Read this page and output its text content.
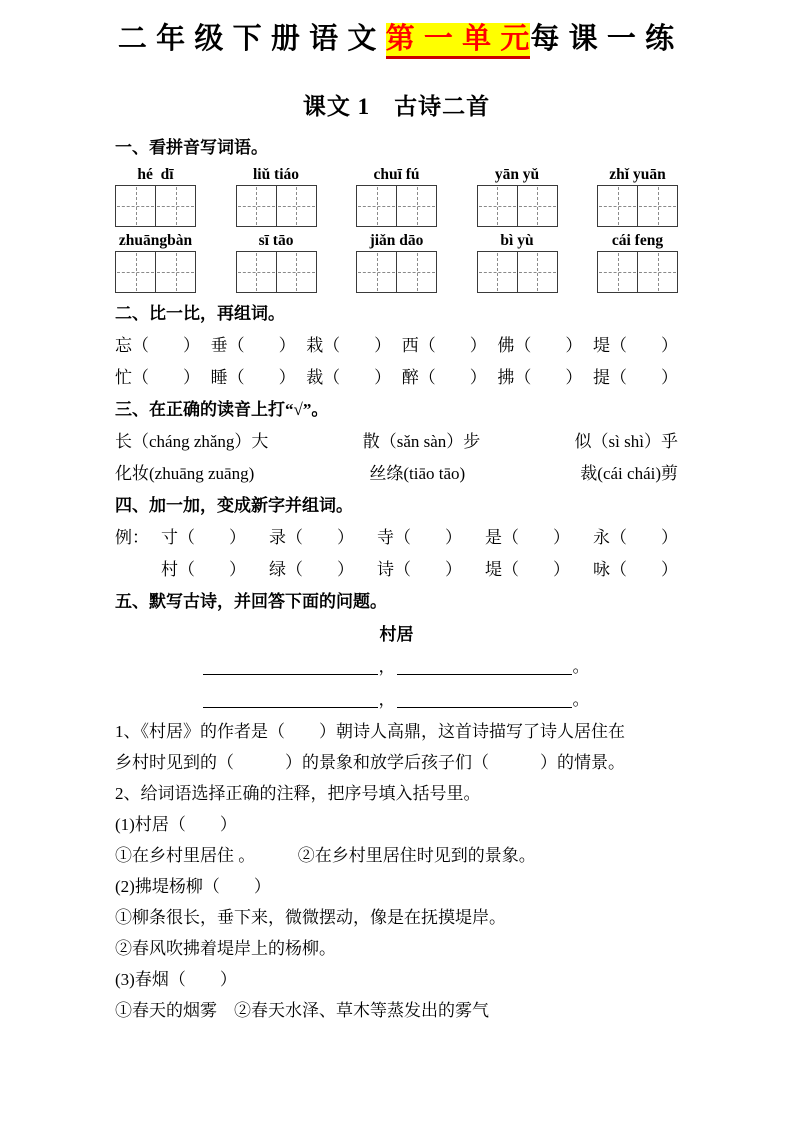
二 年 级 下 册 语 文 第 一 单 元每 课 一 练
课文 1　古诗二首
一、看拼音写词语。
hé  dī	liǔ tiáo	chuī fú	yān yǔ	zhǐ yuān
zhuāngbàn	sī tāo	jiǎn dāo	bì yù	cái feng
二、比一比，再组词。
忘（　　） 垂（　　） 栽（　　） 西（　　） 佛（　　） 堤（　　）
忙（　　） 睡（　　） 裁（　　） 醉（　　） 拂（　　） 提（　　）
三、在正确的读音上打“√”。
长（cháng zhǎng）大	散（sǎn sàn）步	似（sì shì）乎
化妆(zhuāng zuāng)	丝绦(tiāo tāo)	裁(cái chái)剪
四、加一加，变成新字并组词。
例： 寸（　　） 录（　　） 寺（　　） 是（　　） 永（　　）
村（　　） 绿（　　） 诗（　　） 堤（　　） 咏（　　）
五、默写古诗，并回答下面的问题。
村居
，	。
，	。

1、《村居》的作者是（　　）朝诗人高鼎，这首诗描写了诗人居住在

乡村时见到的（　　　）的景象和放学后孩子们（　　　）的情景。

2、给词语选择正确的注释，把序号填入括号里。

(1)村居（　　）

①在乡村里居住 。　　　②在乡村里居住时见到的景象。

(2)拂堤杨柳（　　）

①柳条很长，垂下来，微微摆动，像是在抚摸堤岸。

②春风吹拂着堤岸上的杨柳。

(3)春烟（　　）

①春天的烟雾　②春天水泽、草木等蒸发出的雾气
